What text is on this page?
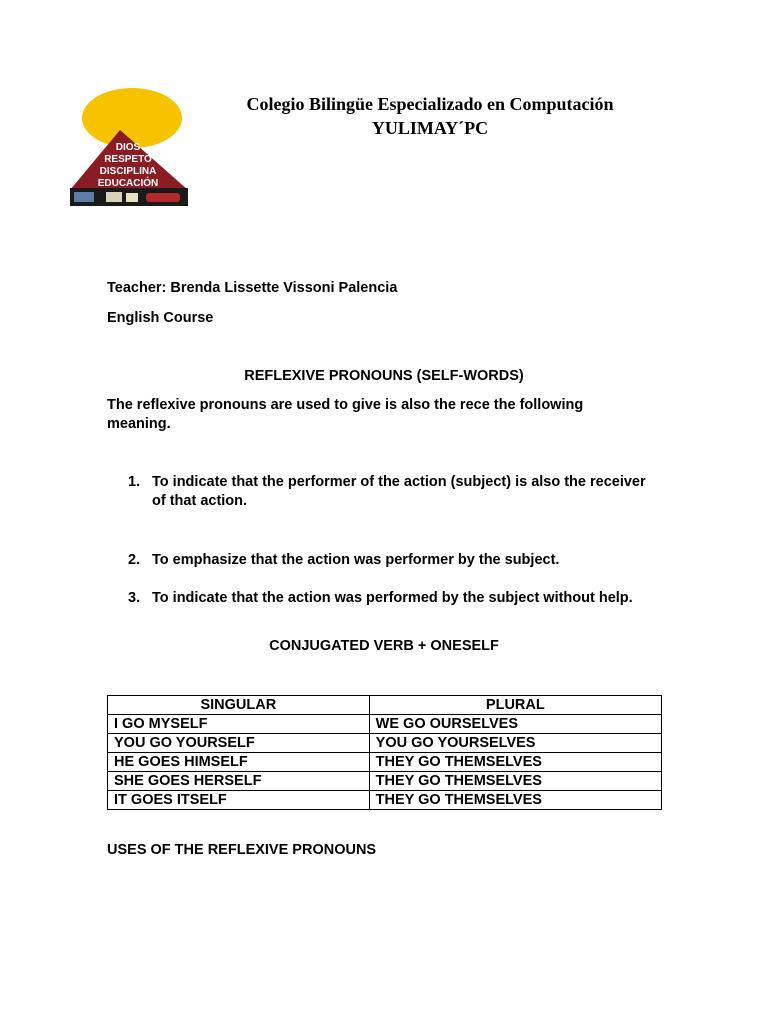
DIOS
RESPETO
DISCIPLINA
EDUCACIÓN
Colegio Bilingüe Especializado en Computación
YULIMAY´PC
Teacher: Brenda Lissette Vissoni Palencia
English Course
REFLEXIVE PRONOUNS (SELF-WORDS)
The reflexive pronouns are used to give is also the rece the following meaning.
1. To indicate that the performer of the action (subject) is also the receiver of that action.
2. To emphasize that the action was performer by the subject.
3. To indicate that the action was performed by the subject without help.
CONJUGATED VERB + ONESELF
SINGULAR	PLURAL
I GO MYSELF	WE GO OURSELVES
YOU GO YOURSELF	YOU GO YOURSELVES
HE GOES HIMSELF	THEY GO THEMSELVES
SHE GOES HERSELF	THEY GO THEMSELVES
IT GOES ITSELF	THEY GO THEMSELVES
USES OF THE REFLEXIVE PRONOUNS
